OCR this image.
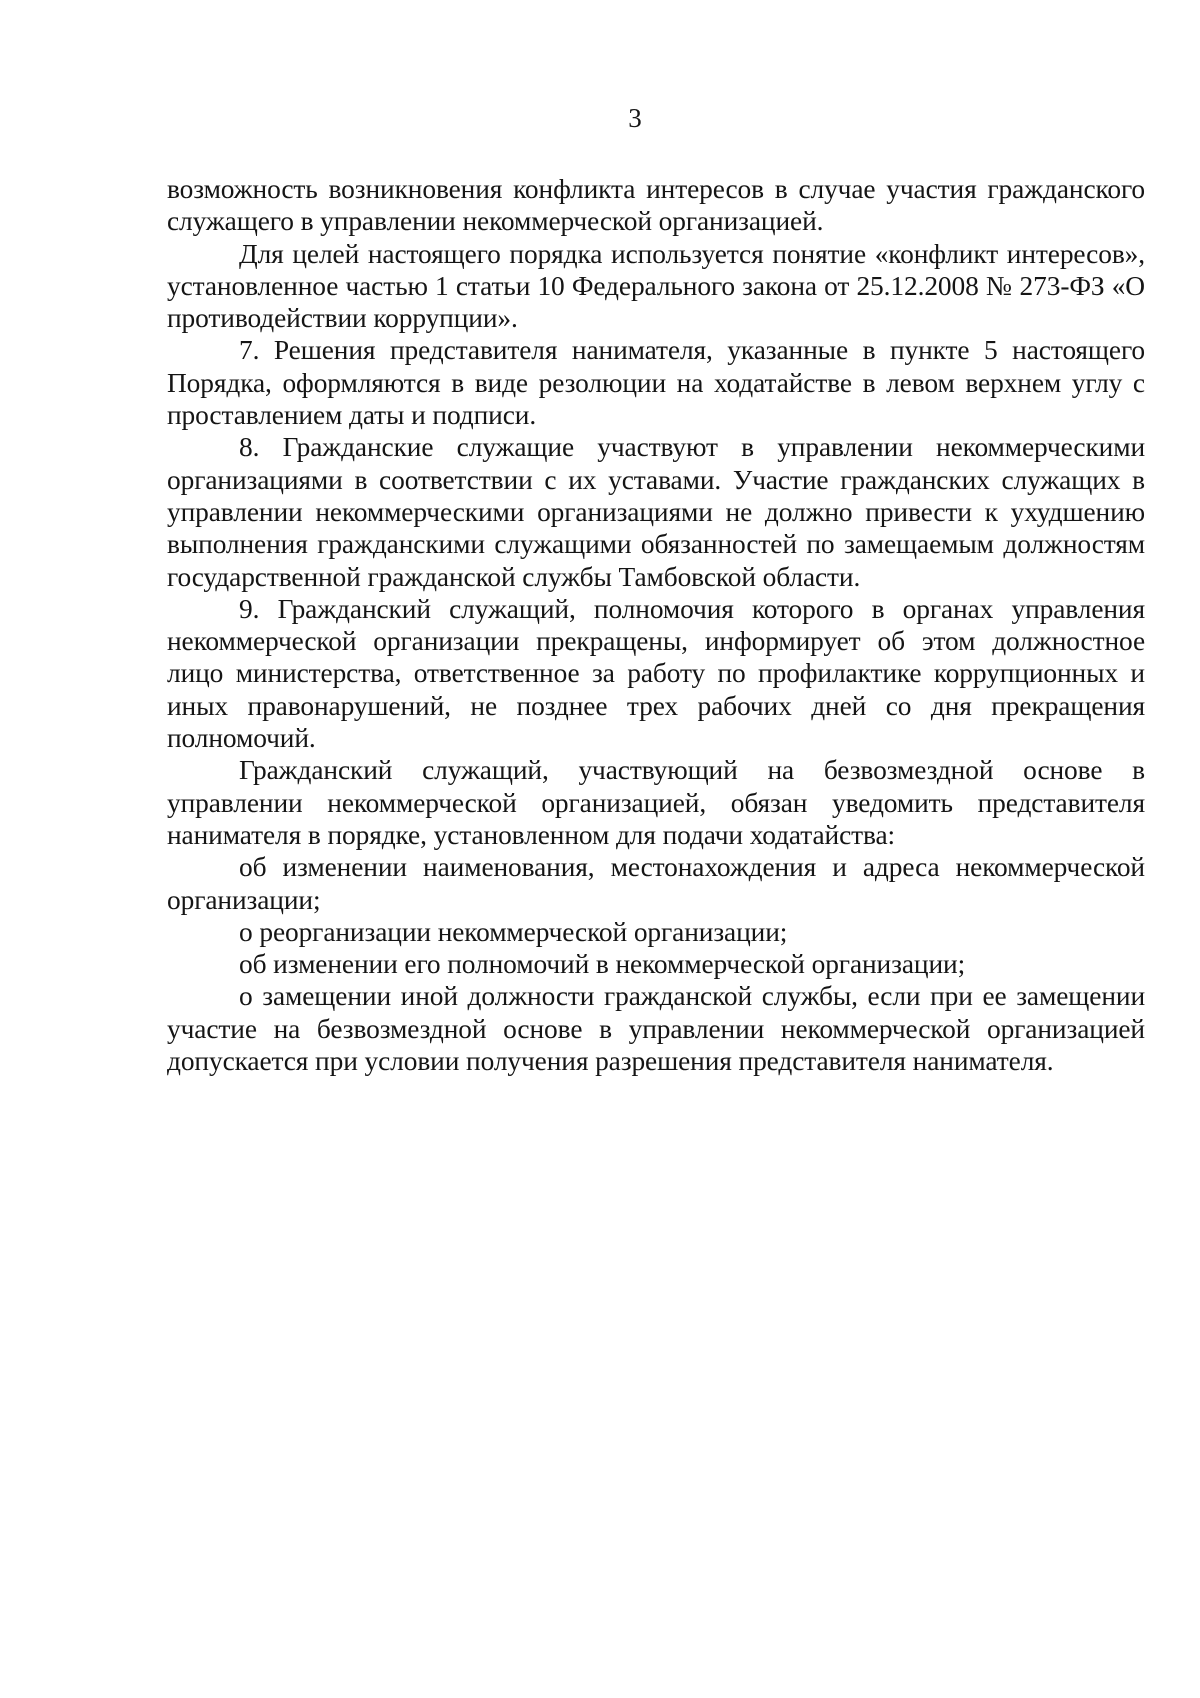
3

возможность возникновения конфликта интересов в случае участия гражданского служащего в управлении некоммерческой организацией.

Для целей настоящего порядка используется понятие «конфликт интересов», установленное частью 1 статьи 10 Федерального закона от 25.12.2008 № 273-ФЗ «О противодействии коррупции».

7. Решения представителя нанимателя, указанные в пункте 5 настоящего Порядка, оформляются в виде резолюции на ходатайстве в левом верхнем углу с проставлением даты и подписи.

8. Гражданские служащие участвуют в управлении некоммерческими организациями в соответствии с их уставами. Участие гражданских служащих в управлении некоммерческими организациями не должно привести к ухудшению выполнения гражданскими служащими обязанностей по замещаемым должностям государственной гражданской службы Тамбовской области.

9. Гражданский служащий, полномочия которого в органах управления некоммерческой организации прекращены, информирует об этом должностное лицо министерства, ответственное за работу по профилактике коррупционных и иных правонарушений, не позднее трех рабочих дней со дня прекращения полномочий.

Гражданский служащий, участвующий на безвозмездной основе в управлении некоммерческой организацией, обязан уведомить представителя нанимателя в порядке, установленном для подачи ходатайства:

об изменении наименования, местонахождения и адреса некоммерческой организации;

о реорганизации некоммерческой организации;

об изменении его полномочий в некоммерческой организации;

о замещении иной должности гражданской службы, если при ее замещении участие на безвозмездной основе в управлении некоммерческой организацией допускается при условии получения разрешения представителя нанимателя.
